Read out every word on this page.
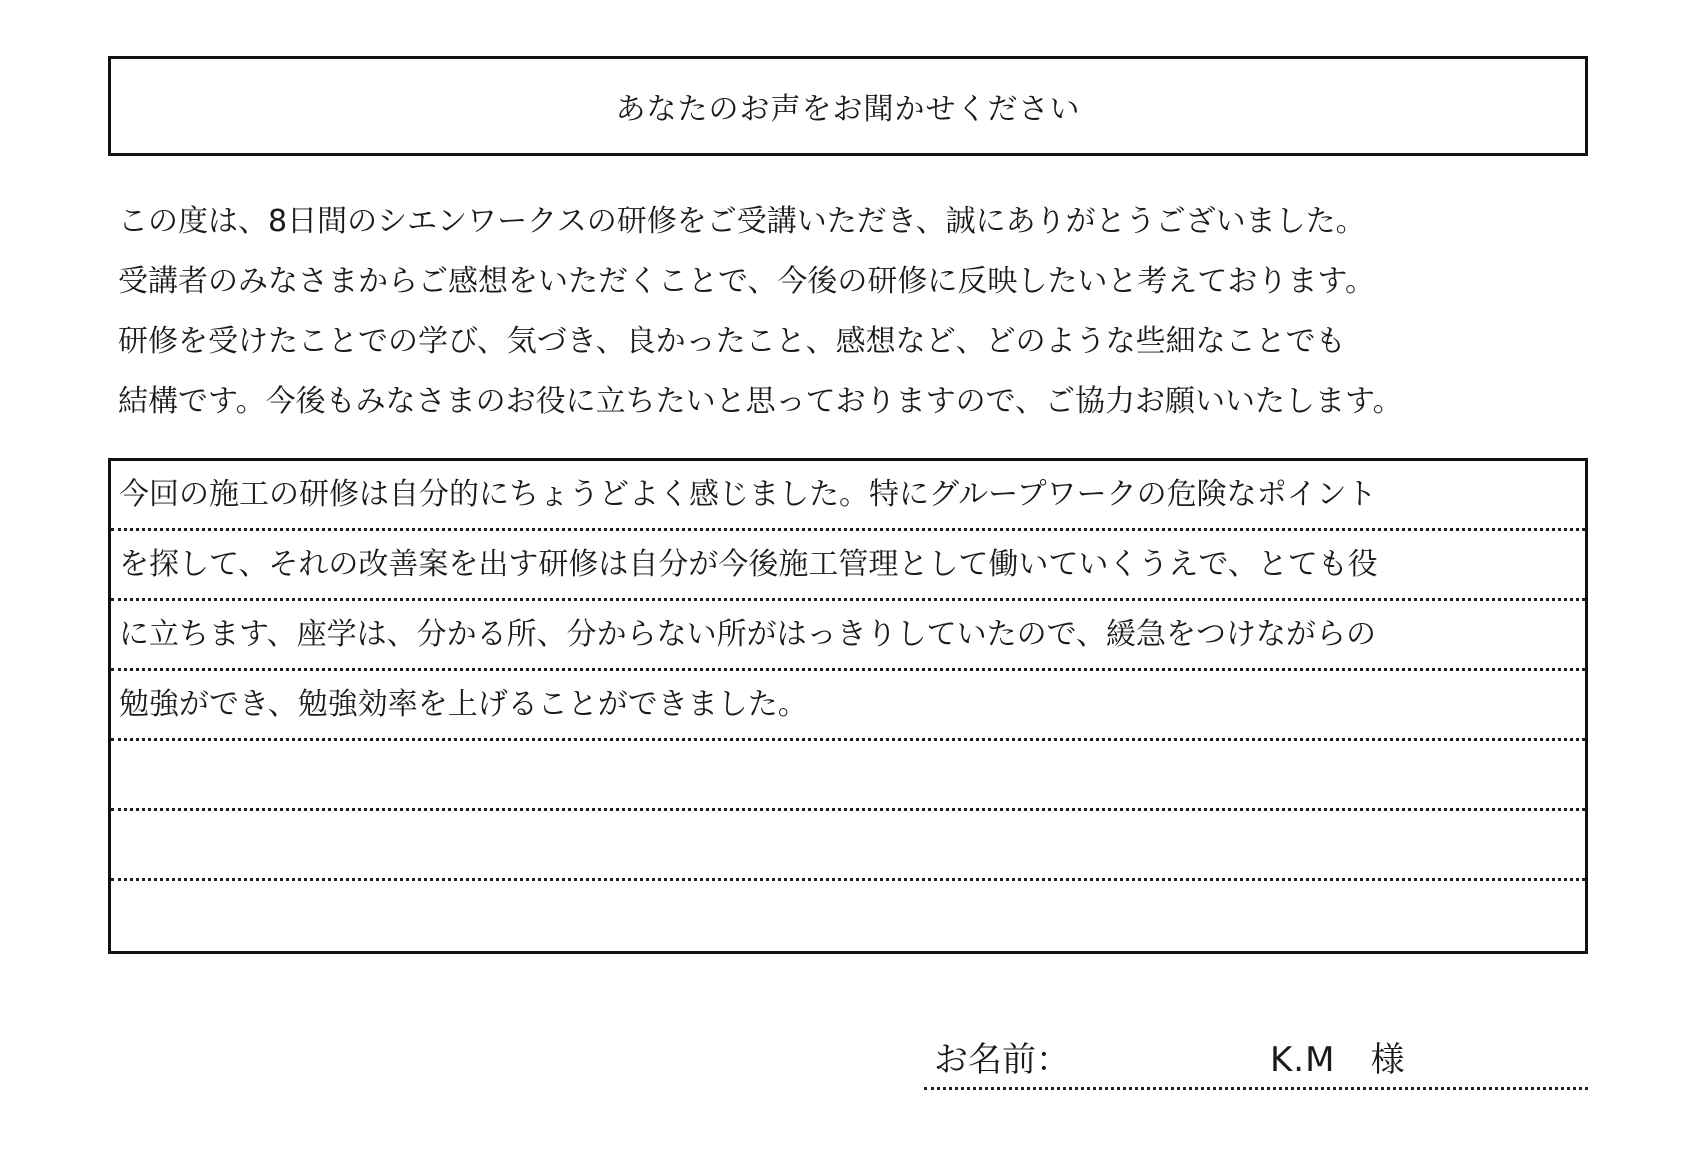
あなたのお声をお聞かせください
この度は、8日間のシエンワークスの研修をご受講いただき、誠にありがとうございました。
受講者のみなさまからご感想をいただくことで、今後の研修に反映したいと考えております。
研修を受けたことでの学び、気づき、良かったこと、感想など、どのような些細なことでも
結構です。今後もみなさまのお役に立ちたいと思っておりますので、ご協力お願いいたします。
今回の施工の研修は自分的にちょうどよく感じました。特にグループワークの危険なポイント
を探して、それの改善案を出す研修は自分が今後施工管理として働いていくうえで、とても役
に立ちます、座学は、分かる所、分からない所がはっきりしていたので、緩急をつけながらの
勉強ができ、勉強効率を上げることができました。
お名前：	K.M　様
